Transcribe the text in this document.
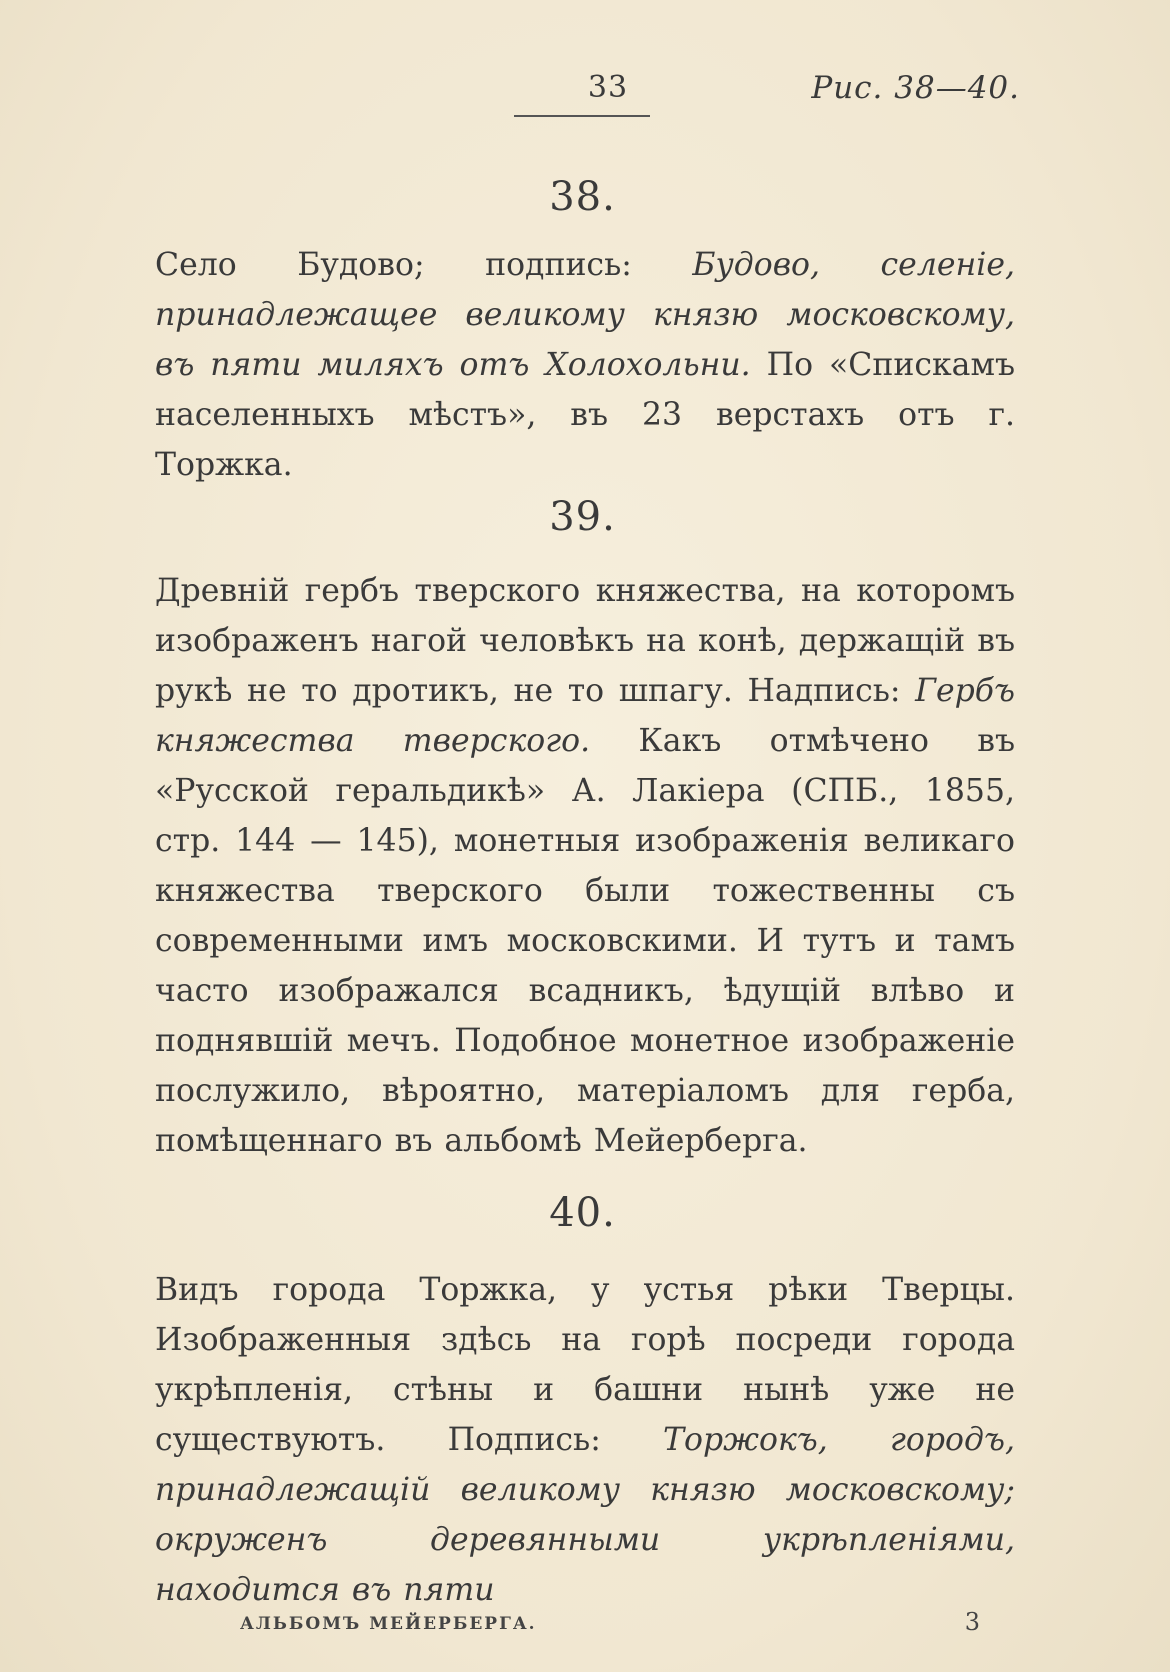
33	Рис. 38—40.
38.

Село Будово; подпись: Будово, селеніе, принадлежащее великому князю московскому, въ пяти миляхъ отъ Холохольни. По «Спискамъ населенныхъ мѣстъ», въ 23 верстахъ отъ г. Торжка.

39.

Древній гербъ тверского княжества, на которомъ изображенъ нагой человѣкъ на конѣ, держащій въ рукѣ не то дротикъ, не то шпагу. Надпись: Гербъ княжества тверского. Какъ отмѣчено въ «Русской геральдикѣ» А. Лакіера (СПБ., 1855, стр. 144 — 145), монетныя изображенія великаго княжества тверского были тожественны съ современными имъ московскими. И тутъ и тамъ часто изображался всадникъ, ѣдущій влѣво и поднявшій мечъ. Подобное монетное изображеніе послужило, вѣроятно, матеріаломъ для герба, помѣщеннаго въ альбомѣ Мейерберга.

40.

Видъ города Торжка, у устья рѣки Тверцы. Изображенныя здѣсь на горѣ посреди города укрѣпленія, стѣны и башни нынѣ уже не существуютъ. Подпись: Торжокъ, городъ, принадлежащій великому князю московскому; окруженъ деревянными укрѣпленіями, находится въ пяти

АЛЬБОМЪ МЕЙЕРБЕРГА.	3
